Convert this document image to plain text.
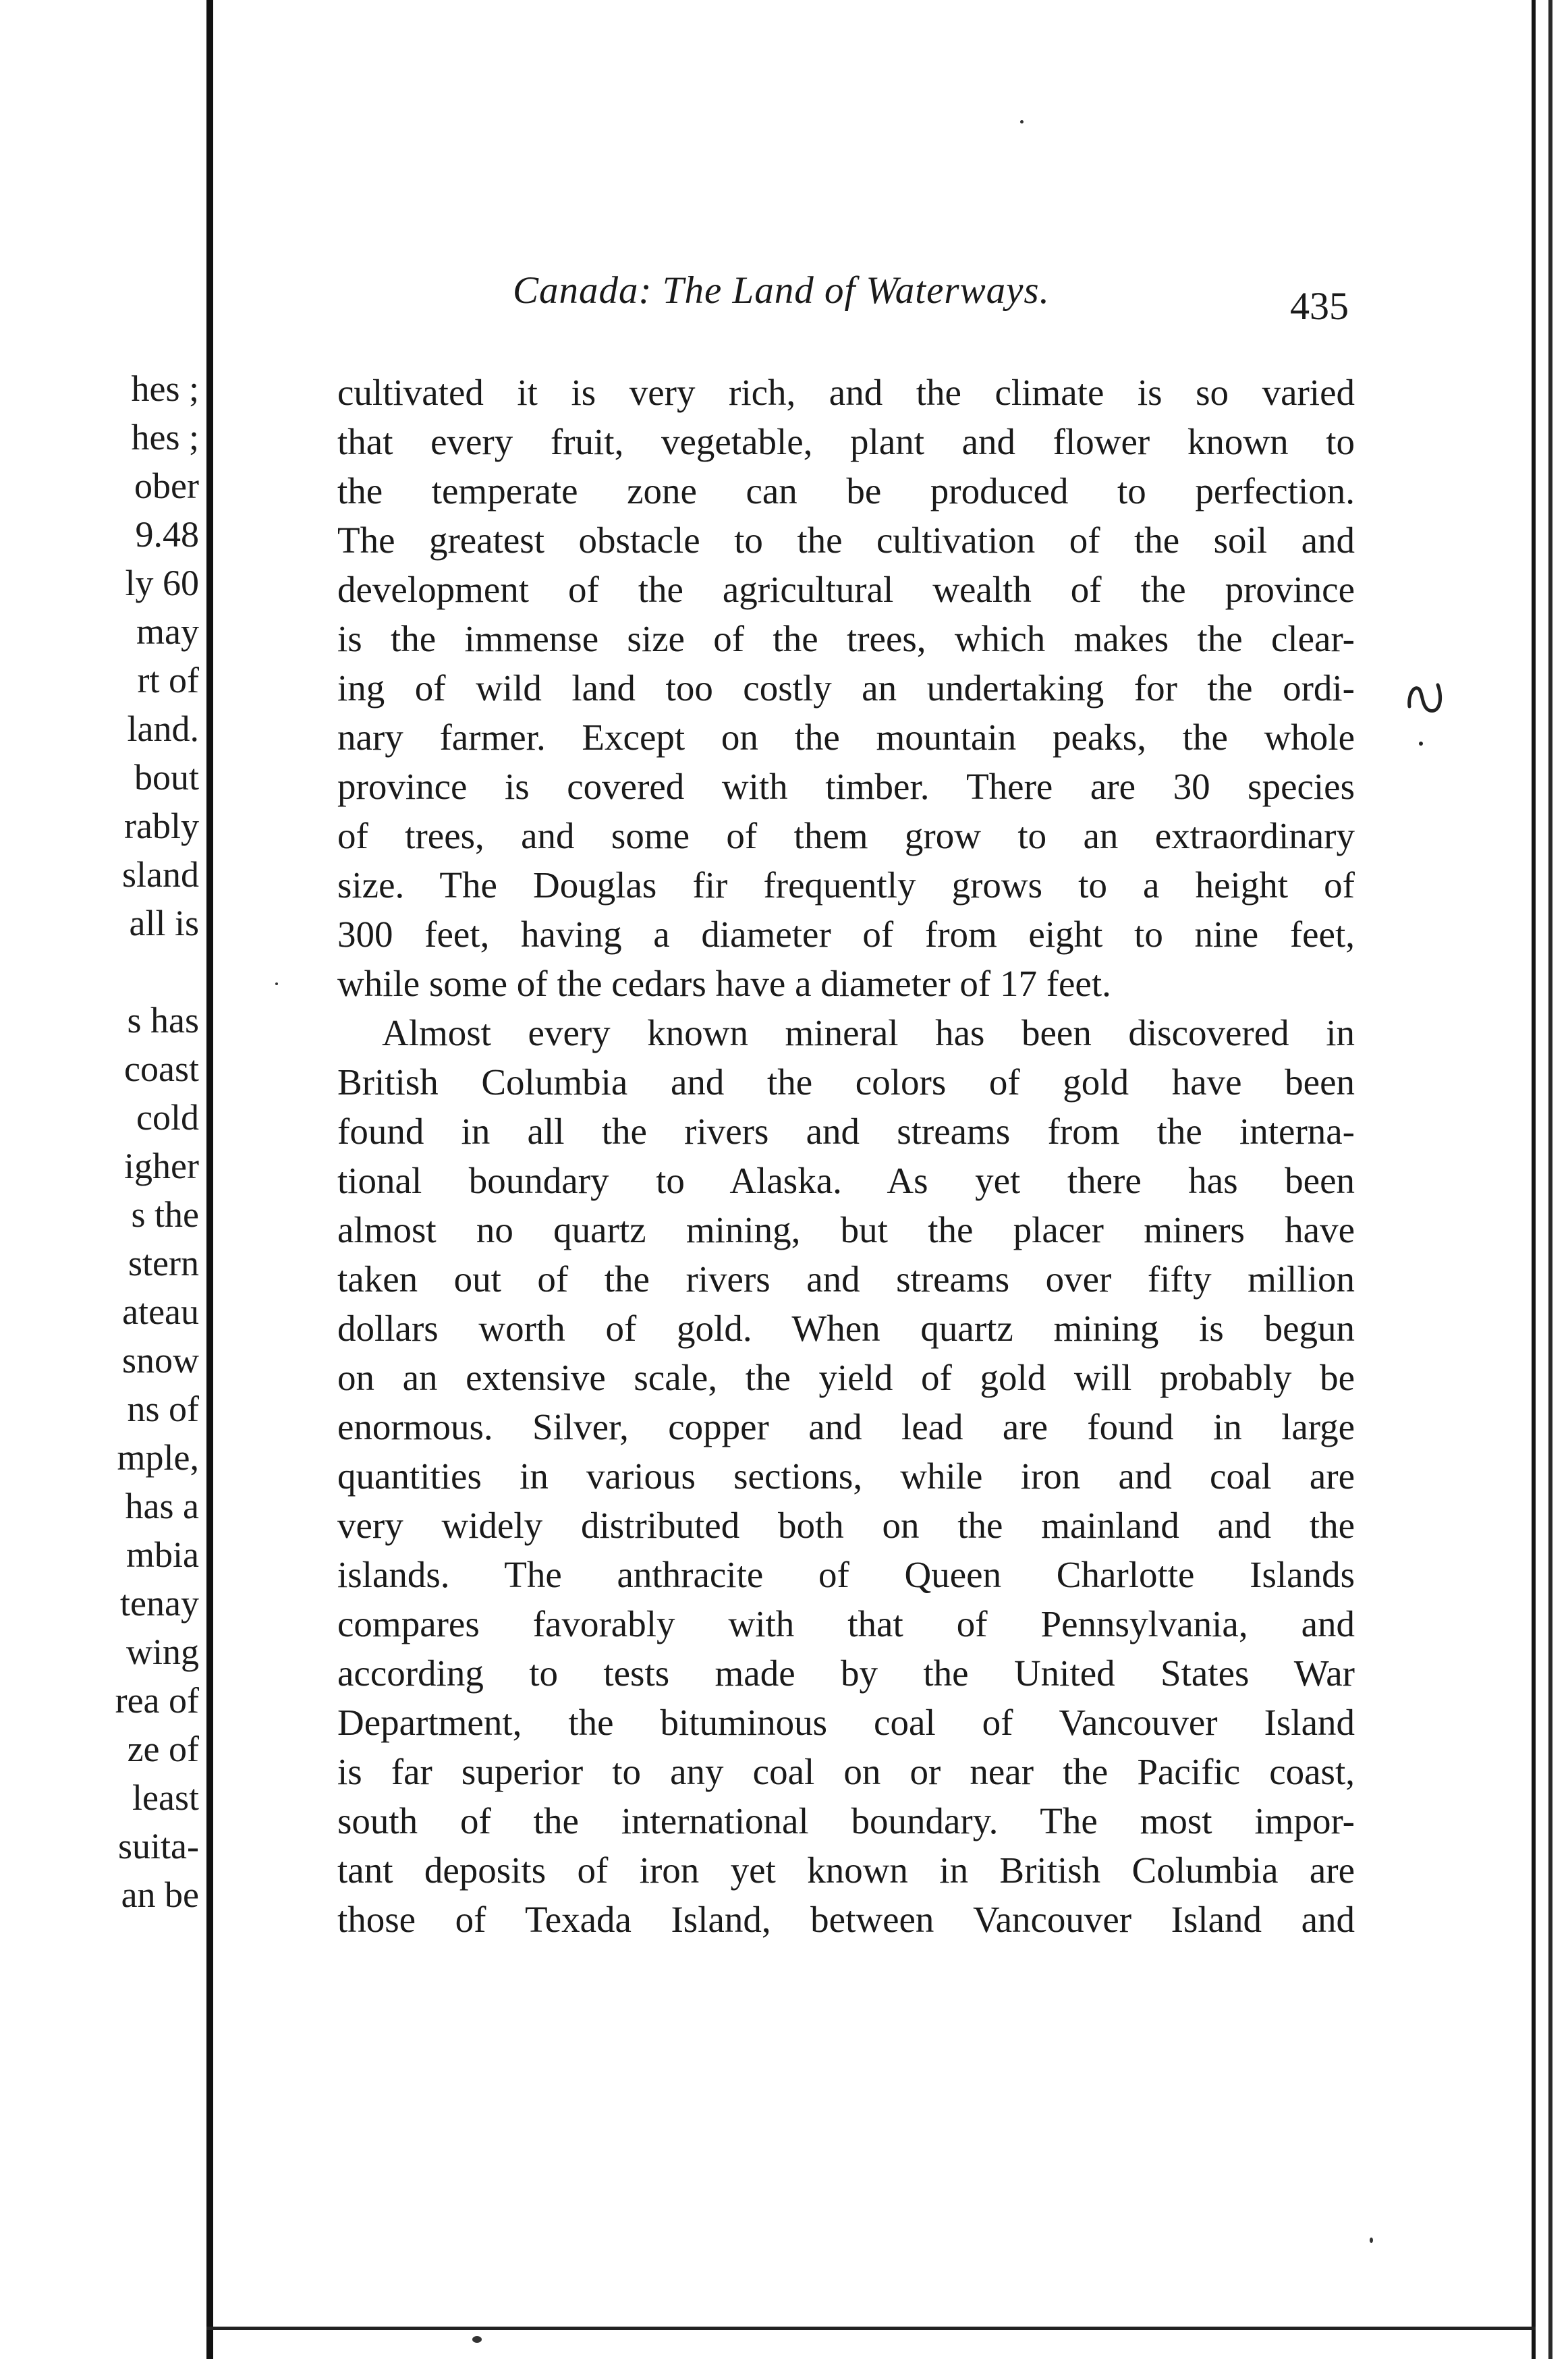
hes ;
hes ;
ober
9.48
ly 60
may
rt of
land.
bout
rably
sland
all is
s has
coast
cold
igher
s the
stern
ateau
snow
ns of
mple,
has a
mbia
tenay
wing
rea of
ze of
least
suita-
an be
Canada: The Land of Waterways.	435
cultivated it is very rich, and the climate is so varied
that every fruit, vegetable, plant and flower known to
the temperate zone can be produced to perfection.
The greatest obstacle to the cultivation of the soil and
development of the agricultural wealth of the province
is the immense size of the trees, which makes the clear-
ing of wild land too costly an undertaking for the ordi-
nary farmer. Except on the mountain peaks, the whole
province is covered with timber. There are 30 species
of trees, and some of them grow to an extraordinary
size. The Douglas fir frequently grows to a height of
300 feet, having a diameter of from eight to nine feet,
while some of the cedars have a diameter of 17 feet.
Almost every known mineral has been discovered in
British Columbia and the colors of gold have been
found in all the rivers and streams from the interna-
tional boundary to Alaska. As yet there has been
almost no quartz mining, but the placer miners have
taken out of the rivers and streams over fifty million
dollars worth of gold. When quartz mining is begun
on an extensive scale, the yield of gold will probably be
enormous. Silver, copper and lead are found in large
quantities in various sections, while iron and coal are
very widely distributed both on the mainland and the
islands. The anthracite of Queen Charlotte Islands
compares favorably with that of Pennsylvania, and
according to tests made by the United States War
Department, the bituminous coal of Vancouver Island
is far superior to any coal on or near the Pacific coast,
south of the international boundary. The most impor-
tant deposits of iron yet known in British Columbia are
those of Texada Island, between Vancouver Island and
